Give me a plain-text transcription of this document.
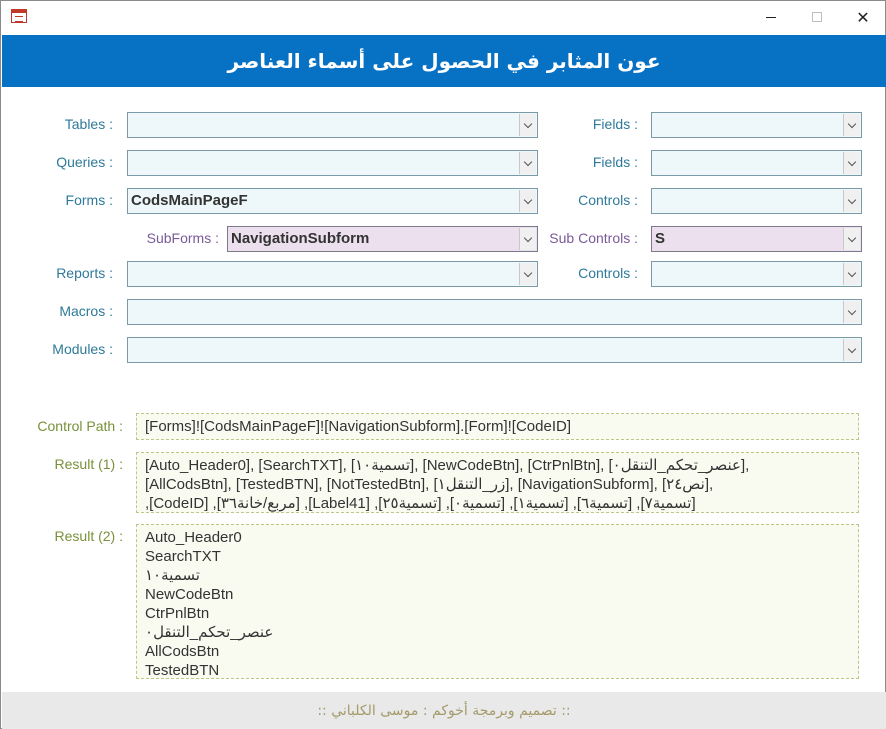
✕
عون المثابر في الحصول على أسماء العناصر
Tables :
Queries :
Forms :
SubForms :
Reports :
Macros :
Modules :
Fields :
Fields :
Controls :
Sub Controls :
Controls :
CodsMainPageF
NavigationSubform	S
Control Path :
Result (1) :
Result (2) :
[Forms]![CodsMainPageF]![NavigationSubform].[Form]![CodeID]
[Auto_Header0], [SearchTXT], [تسمية١٠], [NewCodeBtn], [CtrPnlBtn], [عنصر_تحكم_التنقل٠],
[AllCodsBtn], [TestedBTN], [NotTestedBtn], [زر_التنقل١], [NavigationSubform], [نص٢٤],
[تسمية٧], [تسمية٦], [تسمية١], [تسمية٠], [تسمية٢٥], [Label41], [مربع/خانة٣٦], [CodeID],
Auto_Header0
SearchTXT
تسمية١٠
NewCodeBtn
CtrPnlBtn
عنصر_تحكم_التنقل٠
AllCodsBtn
TestedBTN
:: تصميم وبرمجة أخوكم : موسى الكلباني ::
